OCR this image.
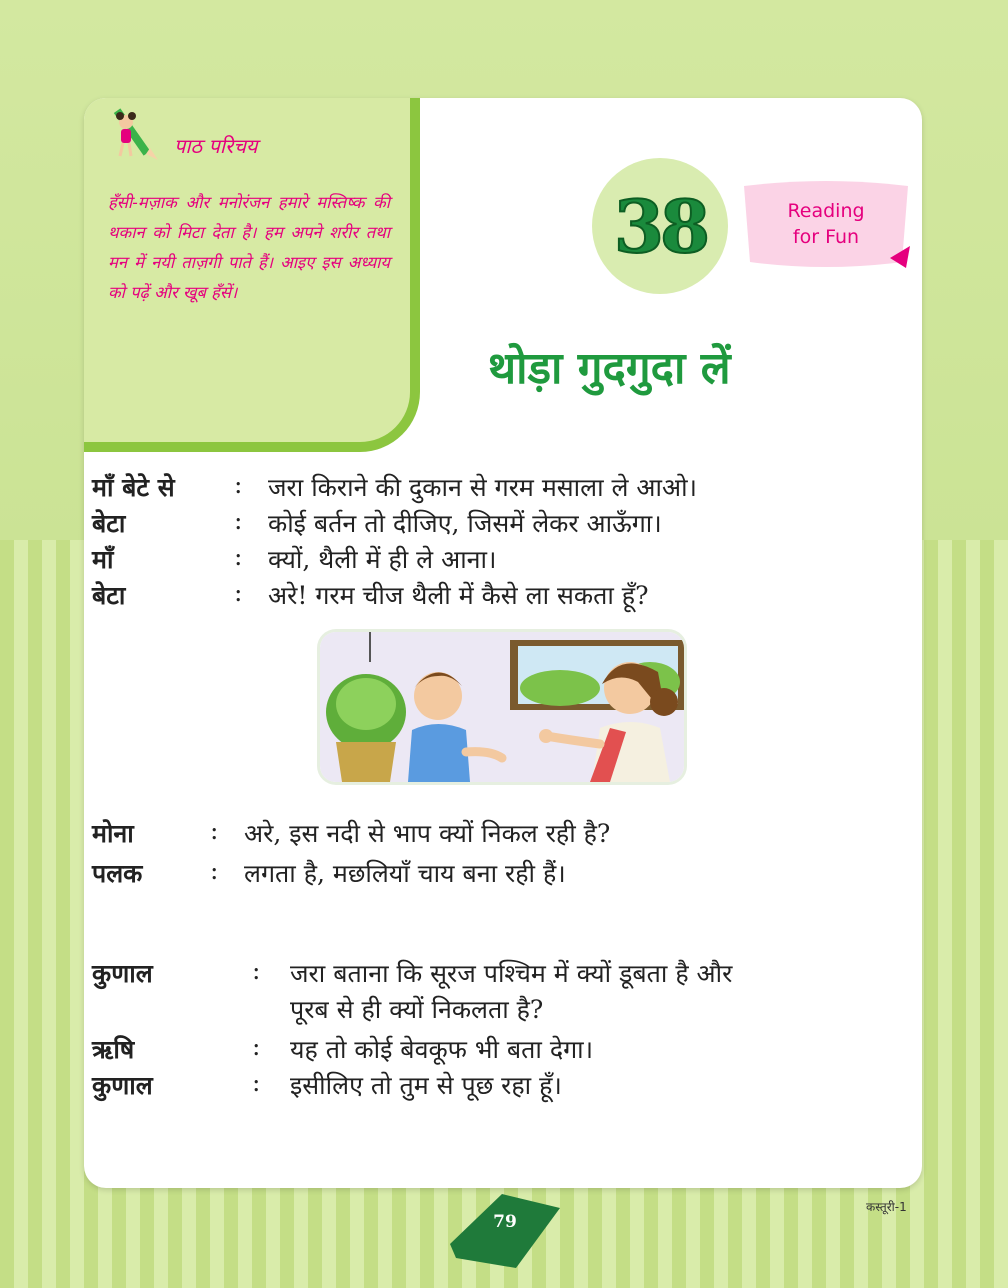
पाठ परिचय
हँसी-मज़ाक और मनोरंजन हमारे मस्तिष्क की थकान को मिटा देता है। हम अपने शरीर तथा मन में नयी ताज़गी पाते हैं। आइए इस अध्याय को पढ़ें और खूब हँसें।
38	Reading
for Fun
थोड़ा गुदगुदा लें
माँ बेटे से : जरा किराने की दुकान से गरम मसाला ले आओ।
बेटा	: कोई बर्तन तो दीजिए, जिसमें लेकर आऊँगा।
माँ	: क्यों, थैली में ही ले आना।
बेटा	: अरे! गरम चीज थैली में कैसे ला सकता हूँ?
मोना	: अरे, इस नदी से भाप क्यों निकल रही है?
पलक	: लगता है, मछलियाँ चाय बना रही हैं।
कुणाल	: जरा बताना कि सूरज पश्चिम में क्यों डूबता है और
पूरब से ही क्यों निकलता है?
ऋषि	: यह तो कोई बेवकूफ भी बता देगा।
कुणाल	: इसीलिए तो तुम से पूछ रहा हूँ।
79
कस्तूरी-1
